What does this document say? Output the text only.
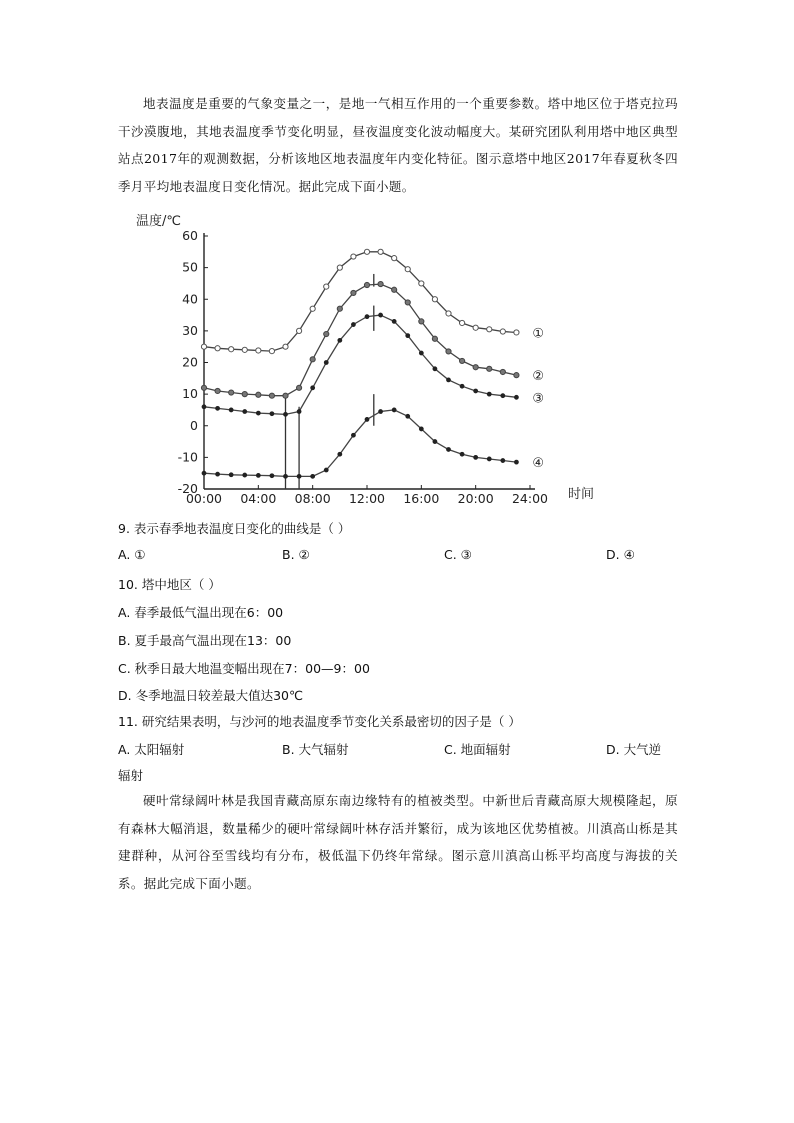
地表温度是重要的气象变量之一，是地一气相互作用的一个重要参数。塔中地区位于塔克拉玛干沙漠腹地，其地表温度季节变化明显，昼夜温度变化波动幅度大。某研究团队利用塔中地区典型站点2017年的观测数据，分析该地区地表温度年内变化特征。图示意塔中地区2017年春夏秋冬四季月平均地表温度日变化情况。据此完成下面小题。

温度/℃
时间
60
50
40
30
20
10
0
-10
-20
00:00 04:00 08:00 12:00 16:00 20:00 24:00
①
②
③
④
9. 表示春季地表温度日变化的曲线是（ ）
A. ①	B. ②	C. ③	D. ④
10. 塔中地区（ ）
A. 春季最低气温出现在6：00
B. 夏手最高气温出现在13：00
C. 秋季日最大地温变幅出现在7：00—9：00
D. 冬季地温日较差最大值达30℃
11. 研究结果表明，与沙河的地表温度季节变化关系最密切的因子是（ ）
A. 太阳辐射	B. 大气辐射	C. 地面辐射	D. 大气逆
辐射

硬叶常绿阔叶林是我国青藏高原东南边缘特有的植被类型。中新世后青藏高原大规模隆起，原有森林大幅消退，数量稀少的硬叶常绿阔叶林存活并繁衍，成为该地区优势植被。川滇高山栎是其建群种，从河谷至雪线均有分布，极低温下仍终年常绿。图示意川滇高山栎平均高度与海拔的关系。据此完成下面小题。
